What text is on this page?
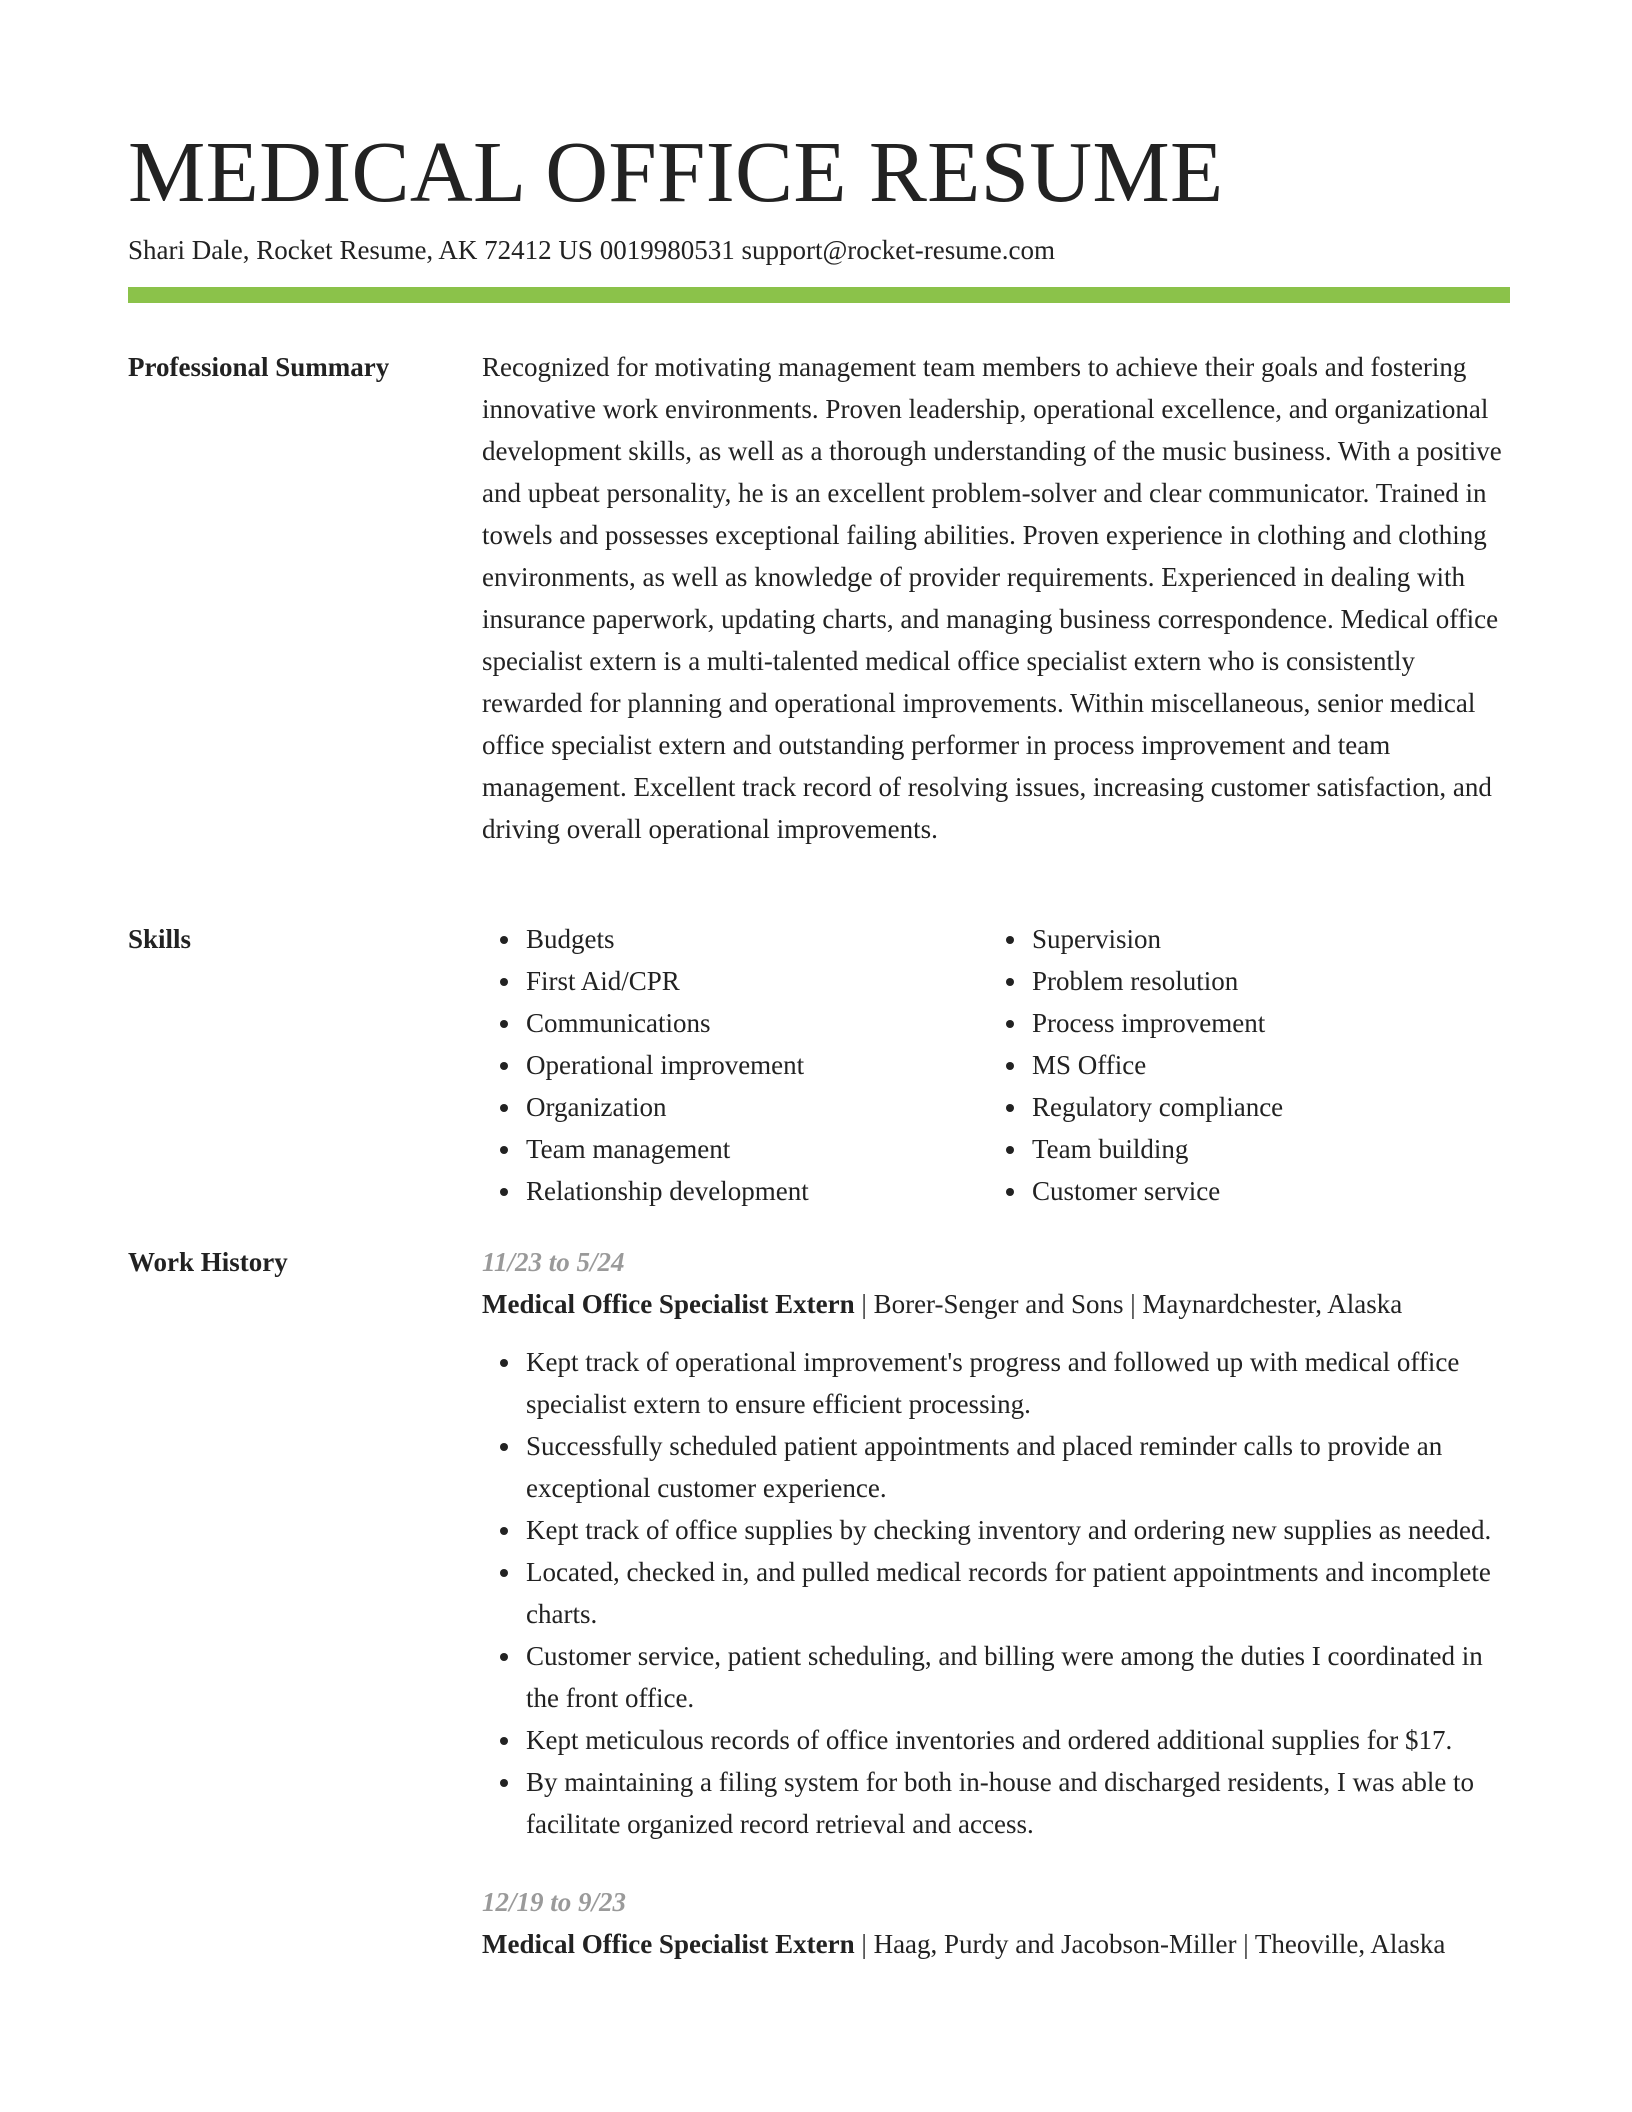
MEDICAL OFFICE RESUME
Shari Dale, Rocket Resume, AK 72412 US 0019980531 support@rocket-resume.com
Professional Summary	Recognized for motivating management team members to achieve their goals and fostering innovative work environments. Proven leadership, operational excellence, and organizational development skills, as well as a thorough understanding of the music business. With a positive and upbeat personality, he is an excellent problem-solver and clear communicator. Trained in towels and possesses exceptional failing abilities. Proven experience in clothing and clothing environments, as well as knowledge of provider requirements. Experienced in dealing with insurance paperwork, updating charts, and managing business correspondence. Medical office specialist extern is a multi-talented medical office specialist extern who is consistently rewarded for planning and operational improvements. Within miscellaneous, senior medical office specialist extern and outstanding performer in process improvement and team management. Excellent track record of resolving issues, increasing customer satisfaction, and driving overall operational improvements.

Skills	Budgets
First Aid/CPR
Communications
Operational improvement
Organization
Team management
Relationship development
Supervision
Problem resolution
Process improvement
MS Office
Regulatory compliance
Team building
Customer service
Work History	11/23 to 5/24

Medical Office Specialist Extern | Borer-Senger and Sons | Maynardchester, Alaska

Kept track of operational improvement's progress and followed up with medical office specialist extern to ensure efficient processing.
Successfully scheduled patient appointments and placed reminder calls to provide an exceptional customer experience.
Kept track of office supplies by checking inventory and ordering new supplies as needed.
Located, checked in, and pulled medical records for patient appointments and incomplete charts.
Customer service, patient scheduling, and billing were among the duties I coordinated in the front office.
Kept meticulous records of office inventories and ordered additional supplies for $17.
By maintaining a filing system for both in-house and discharged residents, I was able to facilitate organized record retrieval and access.
12/19 to 9/23

Medical Office Specialist Extern | Haag, Purdy and Jacobson-Miller | Theoville, Alaska
